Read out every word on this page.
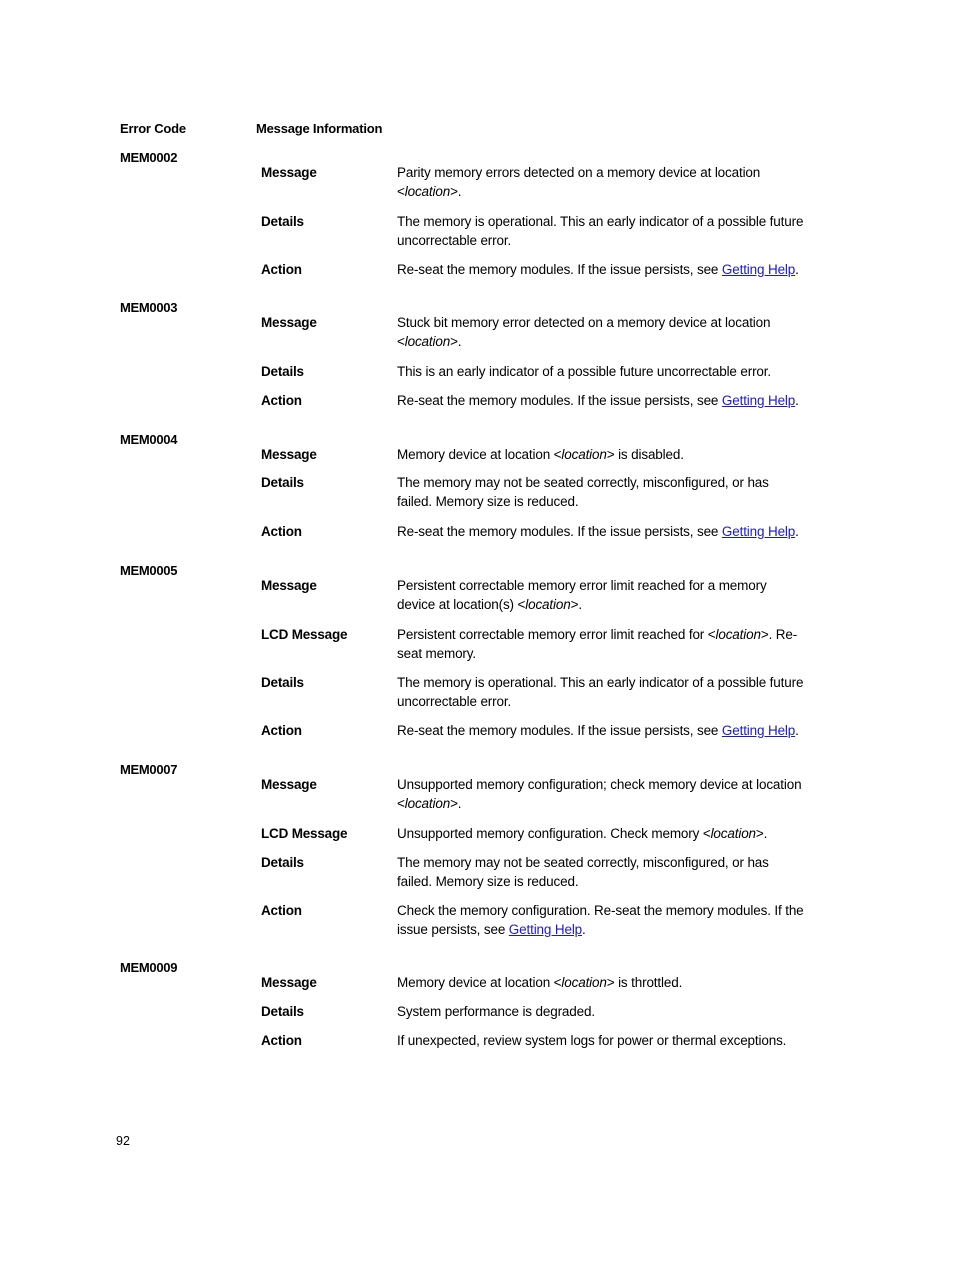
Error Code	Message Information
MEM0002
Message	Parity memory errors detected on a memory device at location <location>.
Details	The memory is operational. This an early indicator of a possible future uncorrectable error.
Action	Re-seat the memory modules. If the issue persists, see Getting Help.
MEM0003
Message	Stuck bit memory error detected on a memory device at location <location>.
Details	This is an early indicator of a possible future uncorrectable error.
Action	Re-seat the memory modules. If the issue persists, see Getting Help.
MEM0004
Message	Memory device at location <location> is disabled.
Details	The memory may not be seated correctly, misconfigured, or has failed. Memory size is reduced.
Action	Re-seat the memory modules. If the issue persists, see Getting Help.
MEM0005
Message	Persistent correctable memory error limit reached for a memory device at location(s) <location>.
LCD Message	Persistent correctable memory error limit reached for <location>. Re-seat memory.
Details	The memory is operational. This an early indicator of a possible future uncorrectable error.
Action	Re-seat the memory modules. If the issue persists, see Getting Help.
MEM0007
Message	Unsupported memory configuration; check memory device at location <location>.
LCD Message	Unsupported memory configuration. Check memory <location>.
Details	The memory may not be seated correctly, misconfigured, or has failed. Memory size is reduced.
Action	Check the memory configuration. Re-seat the memory modules. If the issue persists, see Getting Help.
MEM0009
Message	Memory device at location <location> is throttled.
Details	System performance is degraded.
Action	If unexpected, review system logs for power or thermal exceptions.
92
